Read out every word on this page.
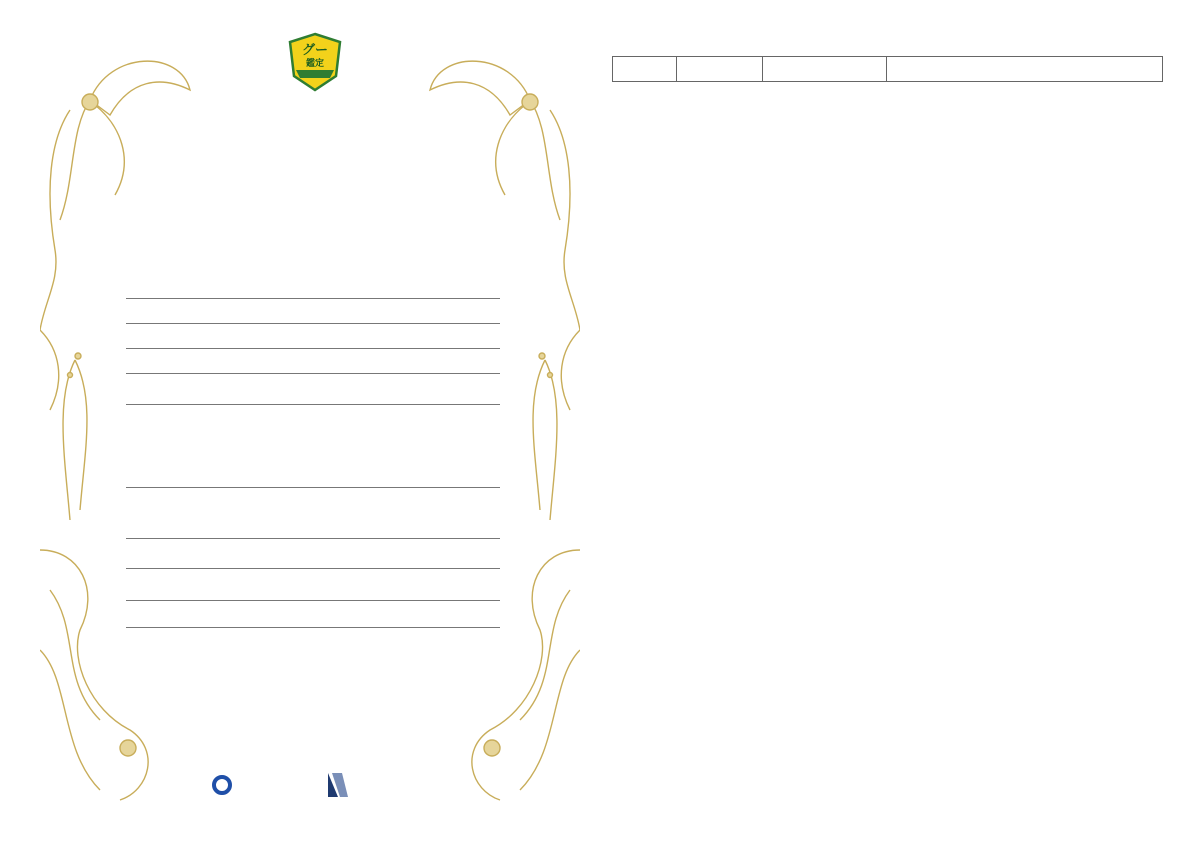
グー
鑑定
